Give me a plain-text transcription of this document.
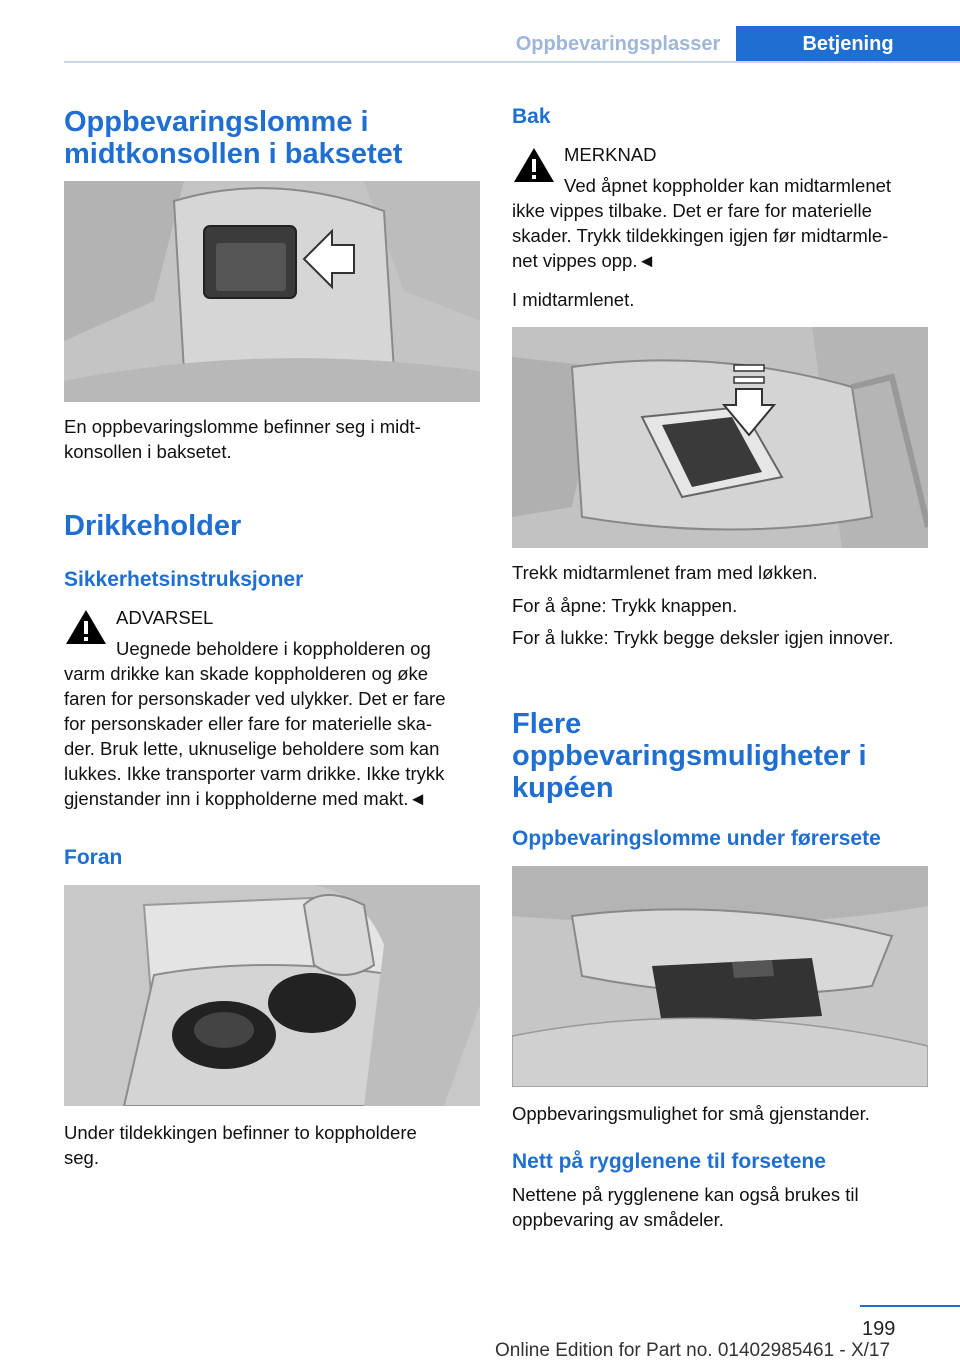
Oppbevaringsplasser	Betjening
Oppbevaringslomme i
midtkonsollen i baksetet
En oppbevaringslomme befinner seg i midt-
konsollen i baksetet.
Drikkeholder
Sikkerhetsinstruksjoner
ADVARSEL
Uegnede beholdere i koppholderen og
varm drikke kan skade koppholderen og øke
faren for personskader ved ulykker. Det er fare
for personskader eller fare for materielle ska-
der. Bruk lette, uknuselige beholdere som kan
lukkes. Ikke transporter varm drikke. Ikke trykk
gjenstander inn i koppholderne med makt.◄
Foran
Under tildekkingen befinner to koppholdere
seg.
Bak
MERKNAD
Ved åpnet koppholder kan midtarmlenet
ikke vippes tilbake. Det er fare for materielle
skader. Trykk tildekkingen igjen før midtarmle-
net vippes opp.◄
I midtarmlenet.
Trekk midtarmlenet fram med løkken.
For å åpne: Trykk knappen.
For å lukke: Trykk begge deksler igjen innover.
Flere
oppbevaringsmuligheter i
kupéen
Oppbevaringslomme under førersete
Oppbevaringsmulighet for små gjenstander.
Nett på rygglenene til forsetene
Nettene på rygglenene kan også brukes til
oppbevaring av smådeler.
199
Online Edition for Part no. 01402985461 - X/17
